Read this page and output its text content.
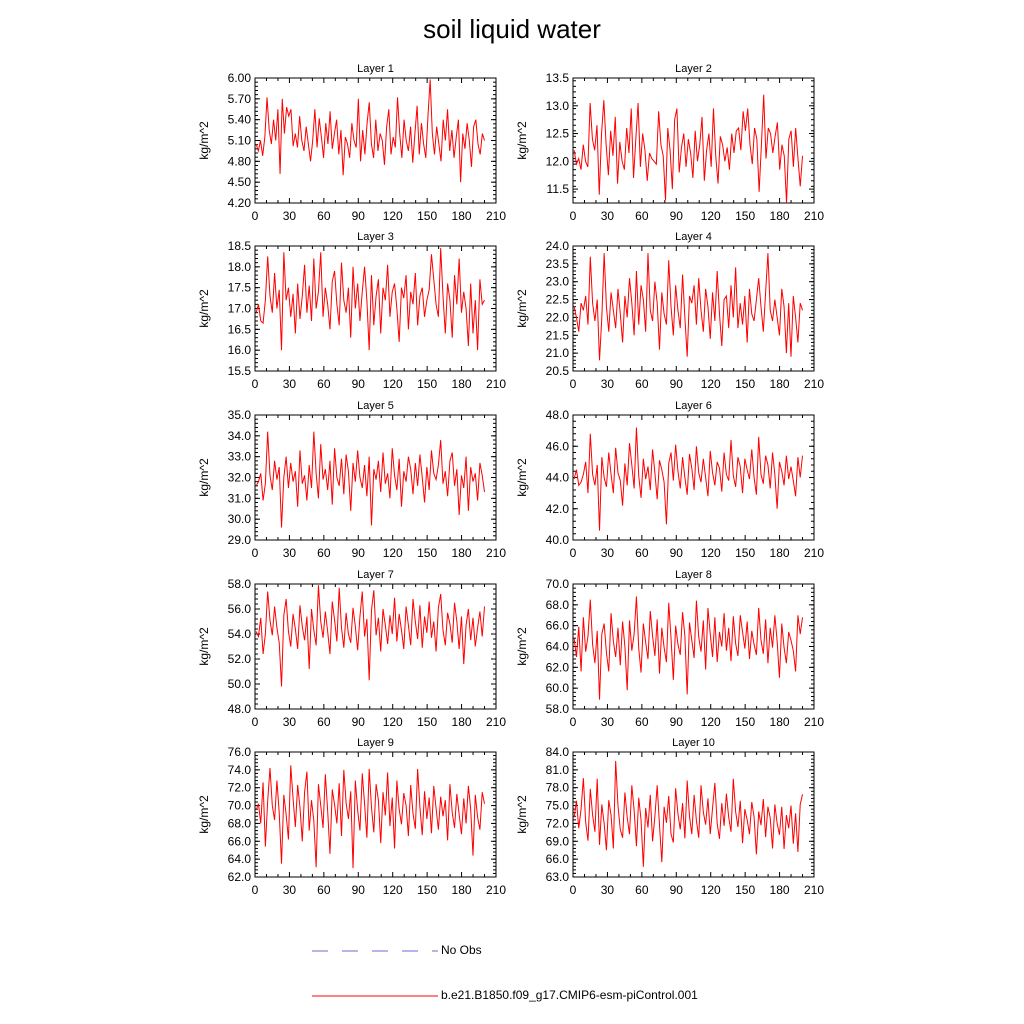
soil liquid water
Layer 1
0 30 60 90 120 150 180 210
4.20
4.50
4.80
5.10
5.40
5.70
6.00
kg/m^2
Layer 2
0 30 60 90 120 150 180 210
11.5
12.0
12.5
13.0
13.5
kg/m^2
Layer 3
0 30 60 90 120 150 180 210
15.5
16.0
16.5
17.0
17.5
18.0
18.5
kg/m^2
Layer 4
0 30 60 90 120 150 180 210
20.5
21.0
21.5
22.0
22.5
23.0
23.5
24.0
kg/m^2
Layer 5
0 30 60 90 120 150 180 210
29.0
30.0
31.0
32.0
33.0
34.0
35.0
kg/m^2
Layer 6
0 30 60 90 120 150 180 210
40.0
42.0
44.0
46.0
48.0
kg/m^2
Layer 7
0 30 60 90 120 150 180 210
48.0
50.0
52.0
54.0
56.0
58.0
kg/m^2
Layer 8
0 30 60 90 120 150 180 210
58.0
60.0
62.0
64.0
66.0
68.0
70.0
kg/m^2
Layer 9
0 30 60 90 120 150 180 210
62.0
64.0
66.0
68.0
70.0
72.0
74.0
76.0
kg/m^2
Layer 10
0 30 60 90 120 150 180 210
63.0
66.0
69.0
72.0
75.0
78.0
81.0
84.0
kg/m^2
No Obs
b.e21.B1850.f09_g17.CMIP6-esm-piControl.001
